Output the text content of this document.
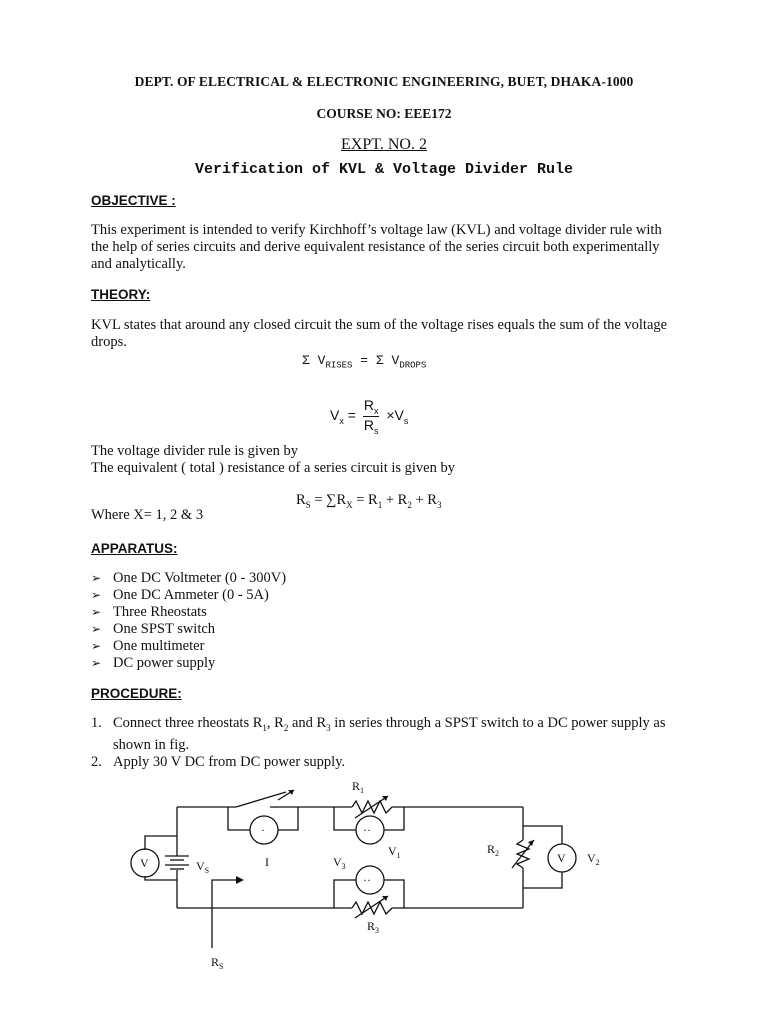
DEPT. OF ELECTRICAL & ELECTRONIC ENGINEERING, BUET, DHAKA-1000
COURSE NO: EEE172
EXPT. NO. 2
Verification of KVL & Voltage Divider Rule
OBJECTIVE :
This experiment is intended to verify Kirchhoff’s voltage law (KVL) and voltage divider rule with the help of series circuits and derive equivalent resistance of the series circuit both experimentally and analytically.
THEORY:
KVL states that around any closed circuit the sum of the voltage rises equals the sum of the voltage drops.
Σ $V_{RISES} = \Sigma$ $V_{DROPS}$
$V_x = \frac{R_x}{R_s} \times V_s$
The voltage divider rule is given by
The equivalent ( total ) resistance of a series circuit is given by
$R_S = \sum R_X = R_1 + R_2 + R_3$
Where X= 1, 2 & 3
APPARATUS:
➢ One DC Voltmeter (0 - 300V)
➢ One DC Ammeter (0 - 5A)
➢ Three Rheostats
➢ One SPST switch
➢ One multimeter
➢ DC power supply
PROCEDURE:
1. Connect three rheostats $R_1$, $R_2$ and $R_3$ in series through a SPST switch to a DC power supply as shown in fig.
2. Apply 30 V DC from DC power supply.
$R_1$
$R_2$
$R_3$
$R_S$
$V_1$	$V_2$
$V_3$
$V_S$
I
V	V
·	··
··
